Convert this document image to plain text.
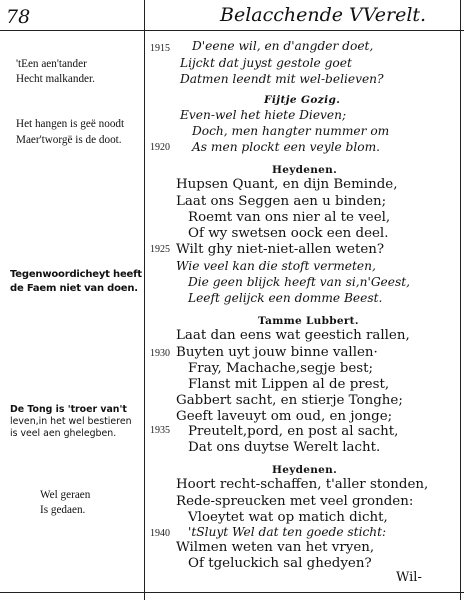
78	Belacchende VVerelt.
'tEen aen'tander
Hecht malkander.
Het hangen is geë noodt
Maer'tworgë is de doot.
Tegenwoordicheyt heeft
de Faem niet van doen.
De Tong is 'troer van't
leven,in het wel bestieren
is veel aen ghelegben.
Wel geraen
Is gedaen.
1915
1920
1925
1930
1935
1940
D'eene wil, en d'angder doet,
Lijckt dat juyst gestole goet
Datmen leendt mit wel-believen?
Fijtje Gozig.
Even-wel het hiete Dieven;
Doch, men hangter nummer om
As men plockt een veyle blom.
Heydenen.
Hupsen Quant, en dijn Beminde,
Laat ons Seggen aen u binden;
Roemt van ons nier al te veel,
Of wy swetsen oock een deel.
Wilt ghy niet-niet-allen weten?
Wie veel kan die stoft vermeten,
Die geen blijck heeft van si,n'Geest,
Leeft gelijck een domme Beest.
Tamme Lubbert.
Laat dan eens wat geestich rallen,
Buyten uyt jouw binne vallen·
Fray, Machache,segje best;
Flanst mit Lippen al de prest,
Gabbert sacht, en stierje Tonghe;
Geeft laveuyt om oud, en jonge;
Preutelt,pord, en post al sacht,
Dat ons duytse Werelt lacht.
Heydenen.
Hoort recht-schaffen, t'aller stonden,
Rede-spreucken met veel gronden:
Vloeytet wat op matich dicht,
'tSluyt Wel dat ten goede sticht:
Wilmen weten van het vryen,
Of tgeluckich sal ghedyen?
Wil-
